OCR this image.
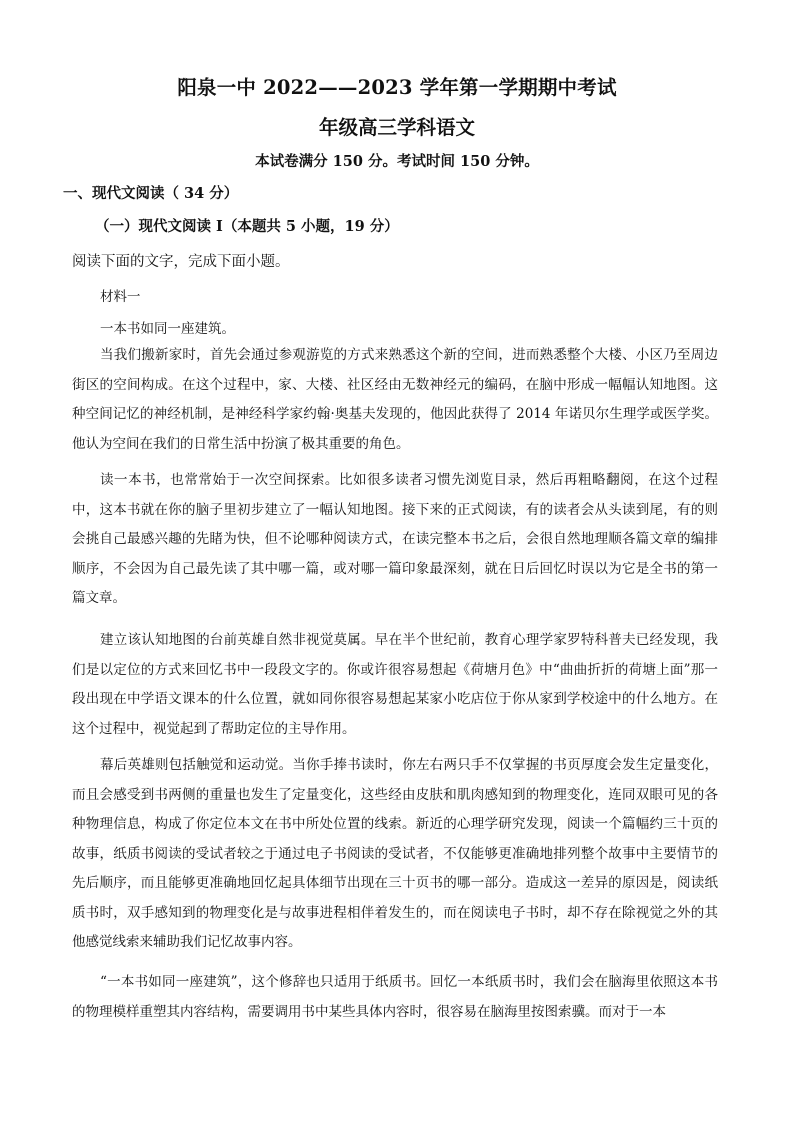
阳泉一中 2022——2023 学年第一学期期中考试
年级高三学科语文
本试卷满分 150 分。考试时间 150 分钟。
一、现代文阅读（ 34 分）
（一）现代文阅读 Ⅰ（本题共 5 小题，19 分）
阅读下面的文字，完成下面小题。
材料一
一本书如同一座建筑。

当我们搬新家时，首先会通过参观游览的方式来熟悉这个新的空间，进而熟悉整个大楼、小区乃至周边街区的空间构成。在这个过程中，家、大楼、社区经由无数神经元的编码，在脑中形成一幅幅认知地图。这种空间记忆的神经机制，是神经科学家约翰·奥基夫发现的，他因此获得了 2014 年诺贝尔生理学或医学奖。他认为空间在我们的日常生活中扮演了极其重要的角色。

读一本书，也常常始于一次空间探索。比如很多读者习惯先浏览目录，然后再粗略翻阅，在这个过程中，这本书就在你的脑子里初步建立了一幅认知地图。接下来的正式阅读，有的读者会从头读到尾，有的则会挑自己最感兴趣的先睹为快，但不论哪种阅读方式，在读完整本书之后，会很自然地理顺各篇文章的编排顺序，不会因为自己最先读了其中哪一篇，或对哪一篇印象最深刻，就在日后回忆时误以为它是全书的第一篇文章。

建立该认知地图的台前英雄自然非视觉莫属。早在半个世纪前，教育心理学家罗特科普夫已经发现，我们是以定位的方式来回忆书中一段段文字的。你或许很容易想起《荷塘月色》中“曲曲折折的荷塘上面”那一段出现在中学语文课本的什么位置，就如同你很容易想起某家小吃店位于你从家到学校途中的什么地方。在这个过程中，视觉起到了帮助定位的主导作用。

幕后英雄则包括触觉和运动觉。当你手捧书读时，你左右两只手不仅掌握的书页厚度会发生定量变化，而且会感受到书两侧的重量也发生了定量变化，这些经由皮肤和肌肉感知到的物理变化，连同双眼可见的各种物理信息，构成了你定位本文在书中所处位置的线索。新近的心理学研究发现，阅读一个篇幅约三十页的故事，纸质书阅读的受试者较之于通过电子书阅读的受试者，不仅能够更准确地排列整个故事中主要情节的先后顺序，而且能够更准确地回忆起具体细节出现在三十页书的哪一部分。造成这一差异的原因是，阅读纸质书时，双手感知到的物理变化是与故事进程相伴着发生的，而在阅读电子书时，却不存在除视觉之外的其他感觉线索来辅助我们记忆故事内容。

“一本书如同一座建筑”，这个修辞也只适用于纸质书。回忆一本纸质书时，我们会在脑海里依照这本书的物理模样重塑其内容结构，需要调用书中某些具体内容时，很容易在脑海里按图索骥。而对于一本
